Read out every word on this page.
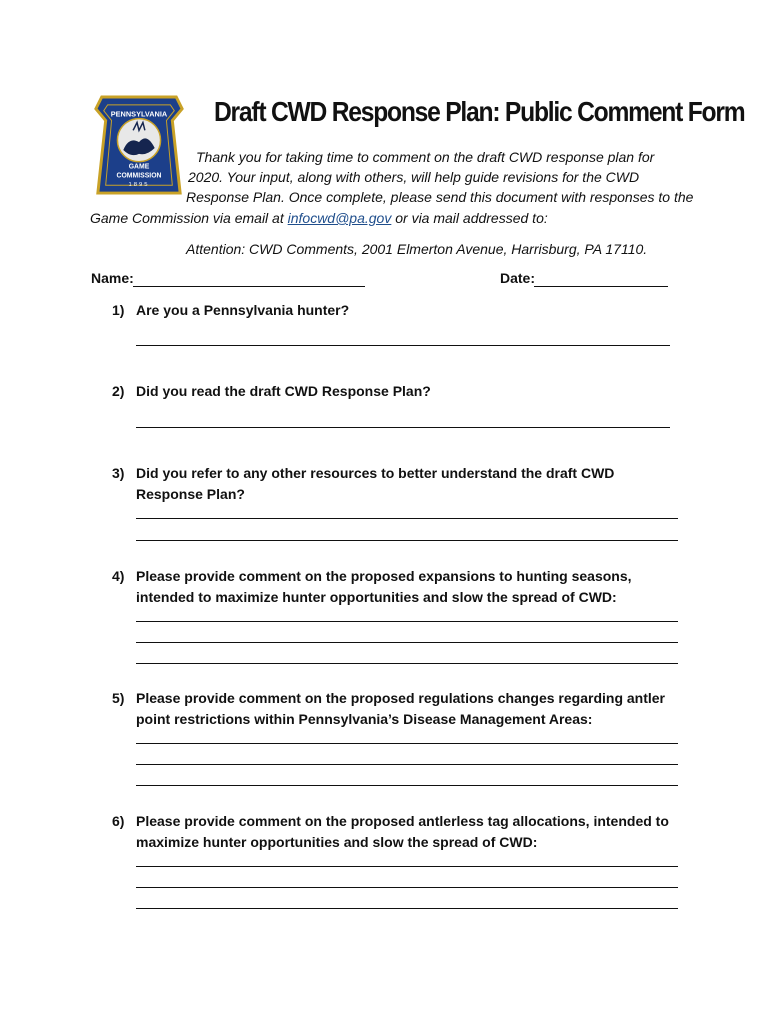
PENNSYLVANIA
GAME
COMMISSION
1895
Draft CWD Response Plan: Public Comment Form
Thank you for taking time to comment on the draft CWD response plan for
2020. Your input, along with others, will help guide revisions for the CWD
Response Plan. Once complete, please send this document with responses to the
Game Commission via email at infocwd@pa.gov or via mail addressed to:
Attention: CWD Comments, 2001 Elmerton Avenue, Harrisburg, PA 17110.
Name:	Date:
1) Are you a Pennsylvania hunter?
2) Did you read the draft CWD Response Plan?
3) Did you refer to any other resources to better understand the draft CWD Response Plan?
4) Please provide comment on the proposed expansions to hunting seasons, intended to maximize hunter opportunities and slow the spread of CWD:
5) Please provide comment on the proposed regulations changes regarding antler point restrictions within Pennsylvania’s Disease Management Areas:
6) Please provide comment on the proposed antlerless tag allocations, intended to maximize hunter opportunities and slow the spread of CWD:
